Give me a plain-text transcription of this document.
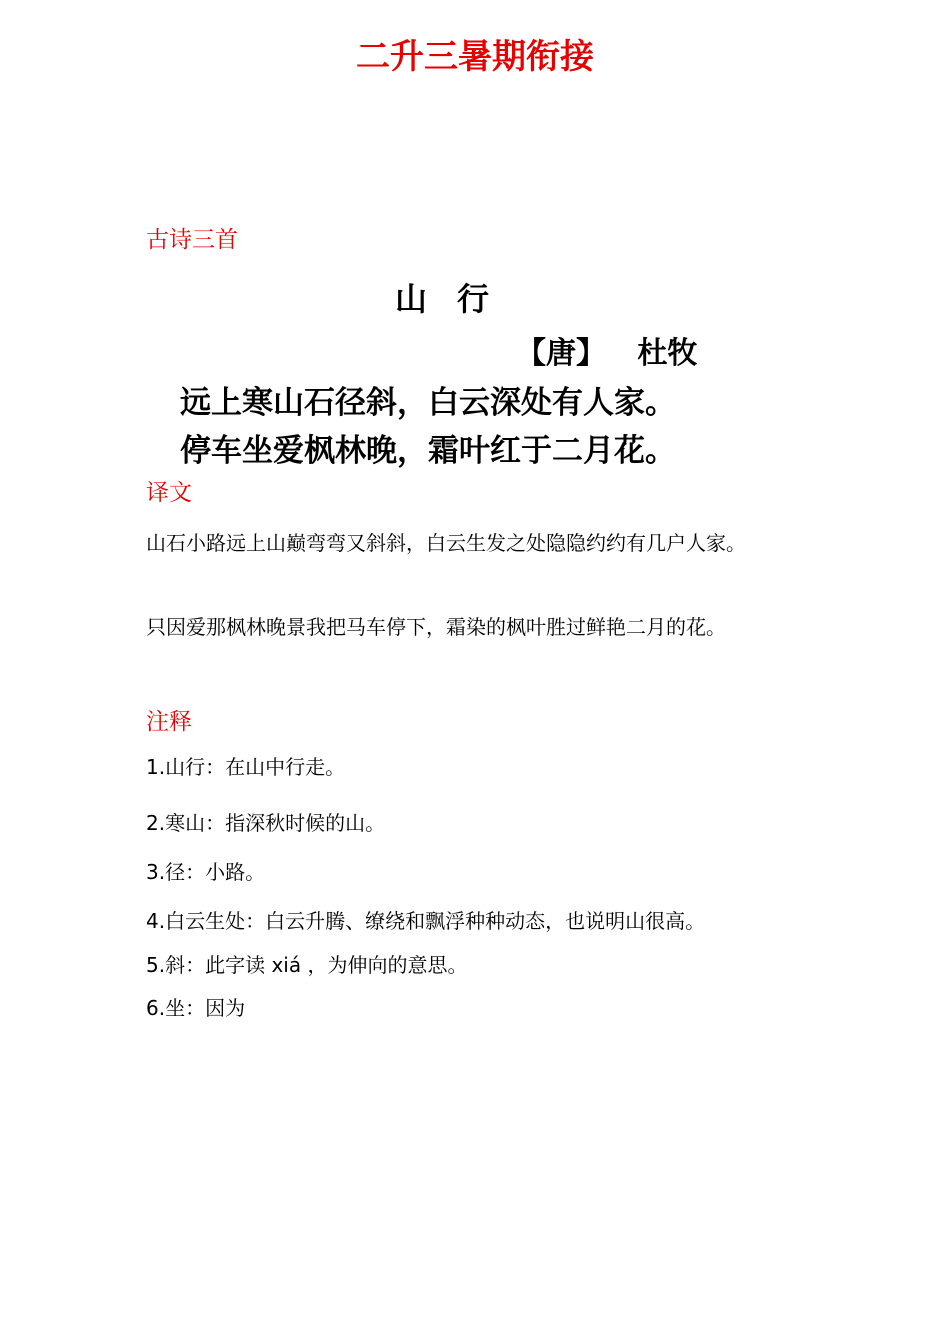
二升三暑期衔接
古诗三首
山行
【唐】   杜牧
远上寒山石径斜，白云深处有人家。
停车坐爱枫林晚，霜叶红于二月花。
译文
山石小路远上山巅弯弯又斜斜，白云生发之处隐隐约约有几户人家。
只因爱那枫林晚景我把马车停下，霜染的枫叶胜过鲜艳二月的花。
注释
1.山行：在山中行走。
2.寒山：指深秋时候的山。
3.径：小路。
4.白云生处：白云升腾、缭绕和飘浮种种动态，也说明山很高。
5.斜：此字读 xiá ，为伸向的意思。
6.坐：因为
